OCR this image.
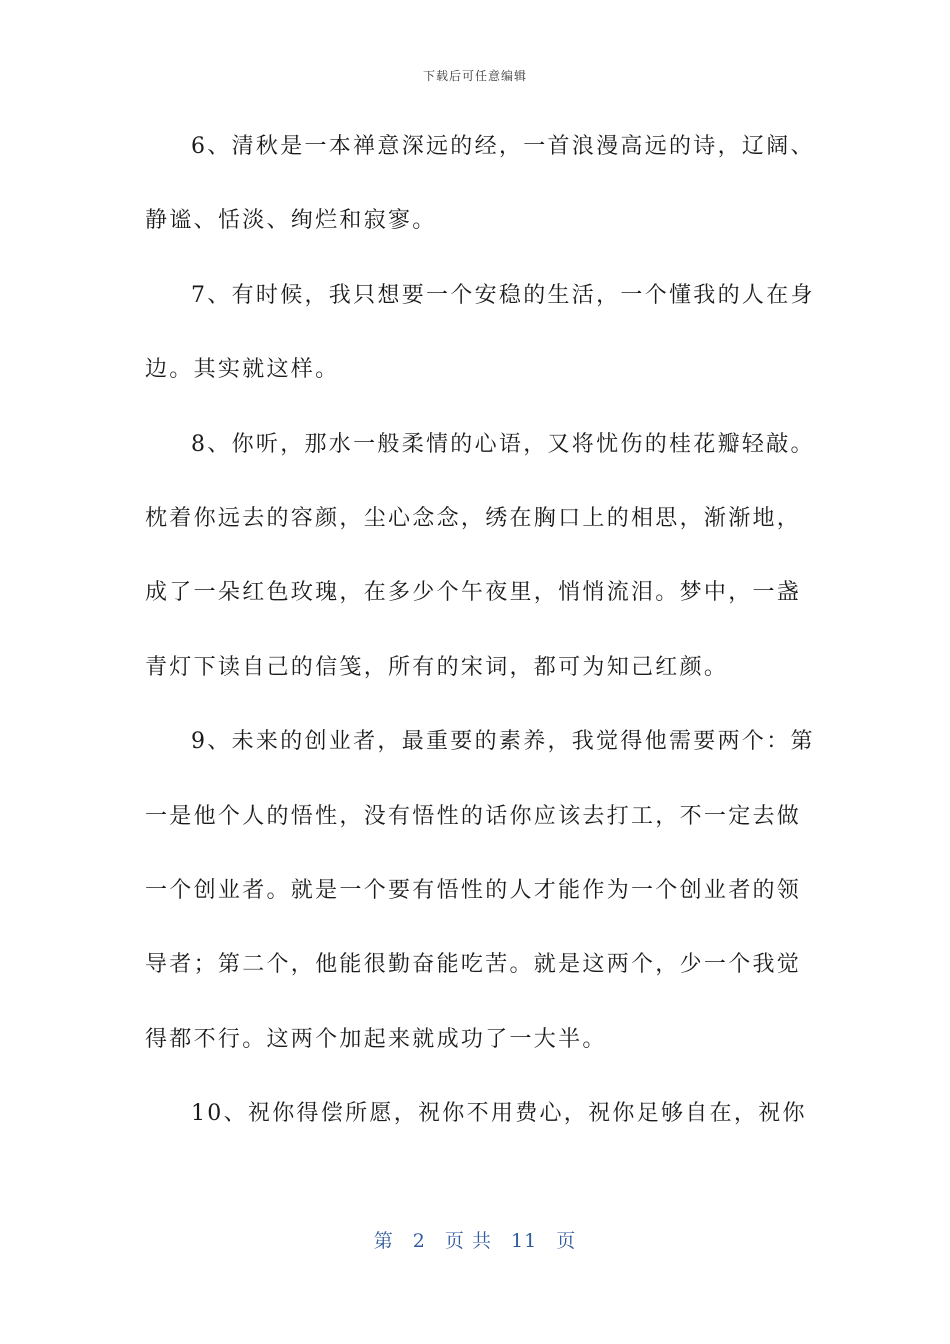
下载后可任意编辑
6、清秋是一本禅意深远的经，一首浪漫高远的诗，辽阔、
静谧、恬淡、绚烂和寂寥。
7、有时候，我只想要一个安稳的生活，一个懂我的人在身
边。其实就这样。
8、你听，那水一般柔情的心语，又将忧伤的桂花瓣轻敲。
枕着你远去的容颜，尘心念念，绣在胸口上的相思，渐渐地，
成了一朵红色玫瑰，在多少个午夜里，悄悄流泪。梦中，一盏
青灯下读自己的信笺，所有的宋词，都可为知己红颜。
9、未来的创业者，最重要的素养，我觉得他需要两个：第
一是他个人的悟性，没有悟性的话你应该去打工，不一定去做
一个创业者。就是一个要有悟性的人才能作为一个创业者的领
导者；第二个，他能很勤奋能吃苦。就是这两个，少一个我觉
得都不行。这两个加起来就成功了一大半。
10、祝你得偿所愿，祝你不用费心，祝你足够自在，祝你
第 2 页 共 11 页
